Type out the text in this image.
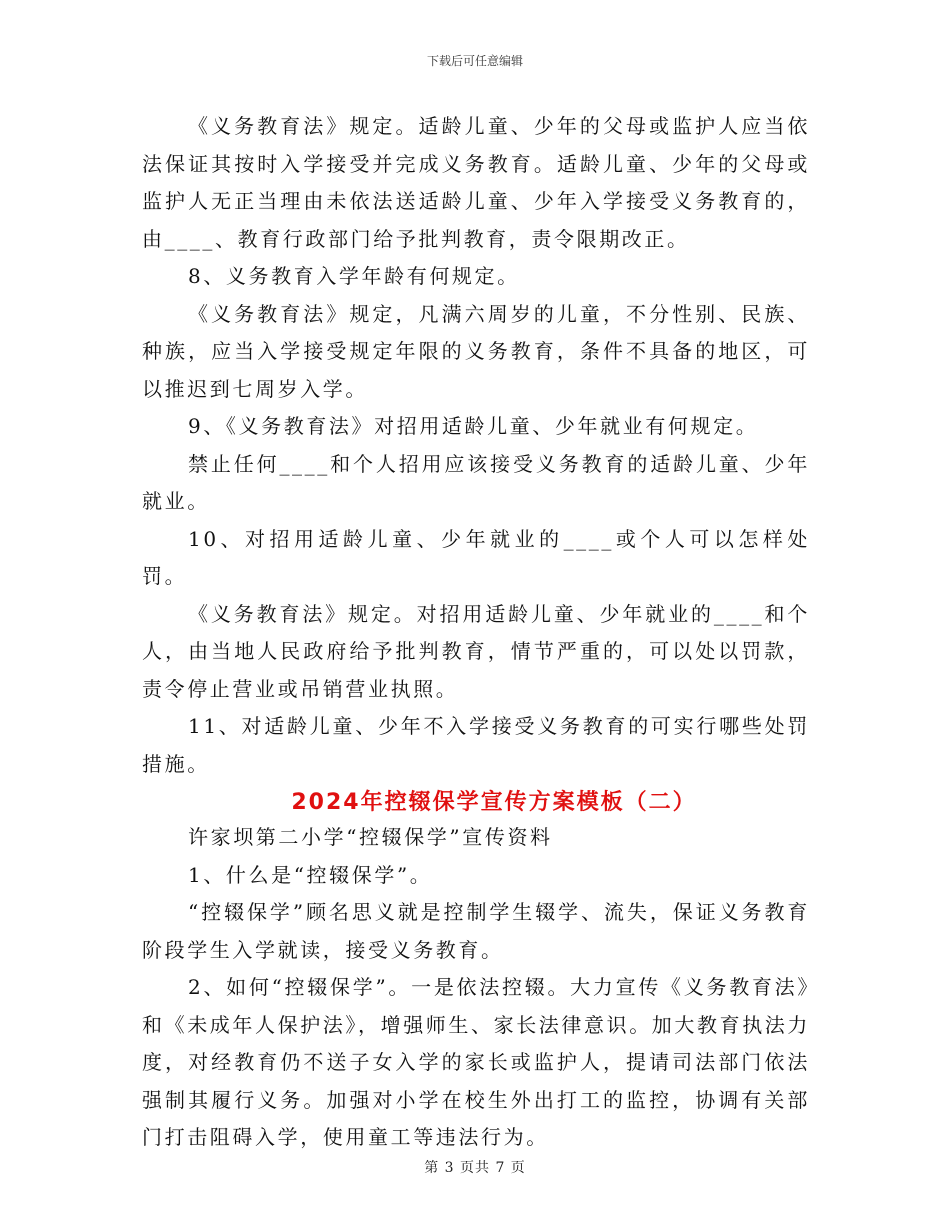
下载后可任意编辑

《义务教育法》规定。适龄儿童、少年的父母或监护人应当依法保证其按时入学接受并完成义务教育。适龄儿童、少年的父母或监护人无正当理由未依法送适龄儿童、少年入学接受义务教育的，由____、教育行政部门给予批判教育，责令限期改正。

8、义务教育入学年龄有何规定。

《义务教育法》规定，凡满六周岁的儿童，不分性别、民族、种族，应当入学接受规定年限的义务教育，条件不具备的地区，可以推迟到七周岁入学。

9、《义务教育法》对招用适龄儿童、少年就业有何规定。

禁止任何____和个人招用应该接受义务教育的适龄儿童、少年就业。

10、对招用适龄儿童、少年就业的____或个人可以怎样处罚。

《义务教育法》规定。对招用适龄儿童、少年就业的____和个人，由当地人民政府给予批判教育，情节严重的，可以处以罚款，责令停止营业或吊销营业执照。

11、对适龄儿童、少年不入学接受义务教育的可实行哪些处罚措施。

2024年控辍保学宣传方案模板（二）

许家坝第二小学“控辍保学”宣传资料

1、什么是“控辍保学”。

“控辍保学”顾名思义就是控制学生辍学、流失，保证义务教育阶段学生入学就读，接受义务教育。

2、如何“控辍保学”。一是依法控辍。大力宣传《义务教育法》和《未成年人保护法》，增强师生、家长法律意识。加大教育执法力度，对经教育仍不送子女入学的家长或监护人，提请司法部门依法强制其履行义务。加强对小学在校生外出打工的监控，协调有关部门打击阻碍入学，使用童工等违法行为。

第 3 页共 7 页
